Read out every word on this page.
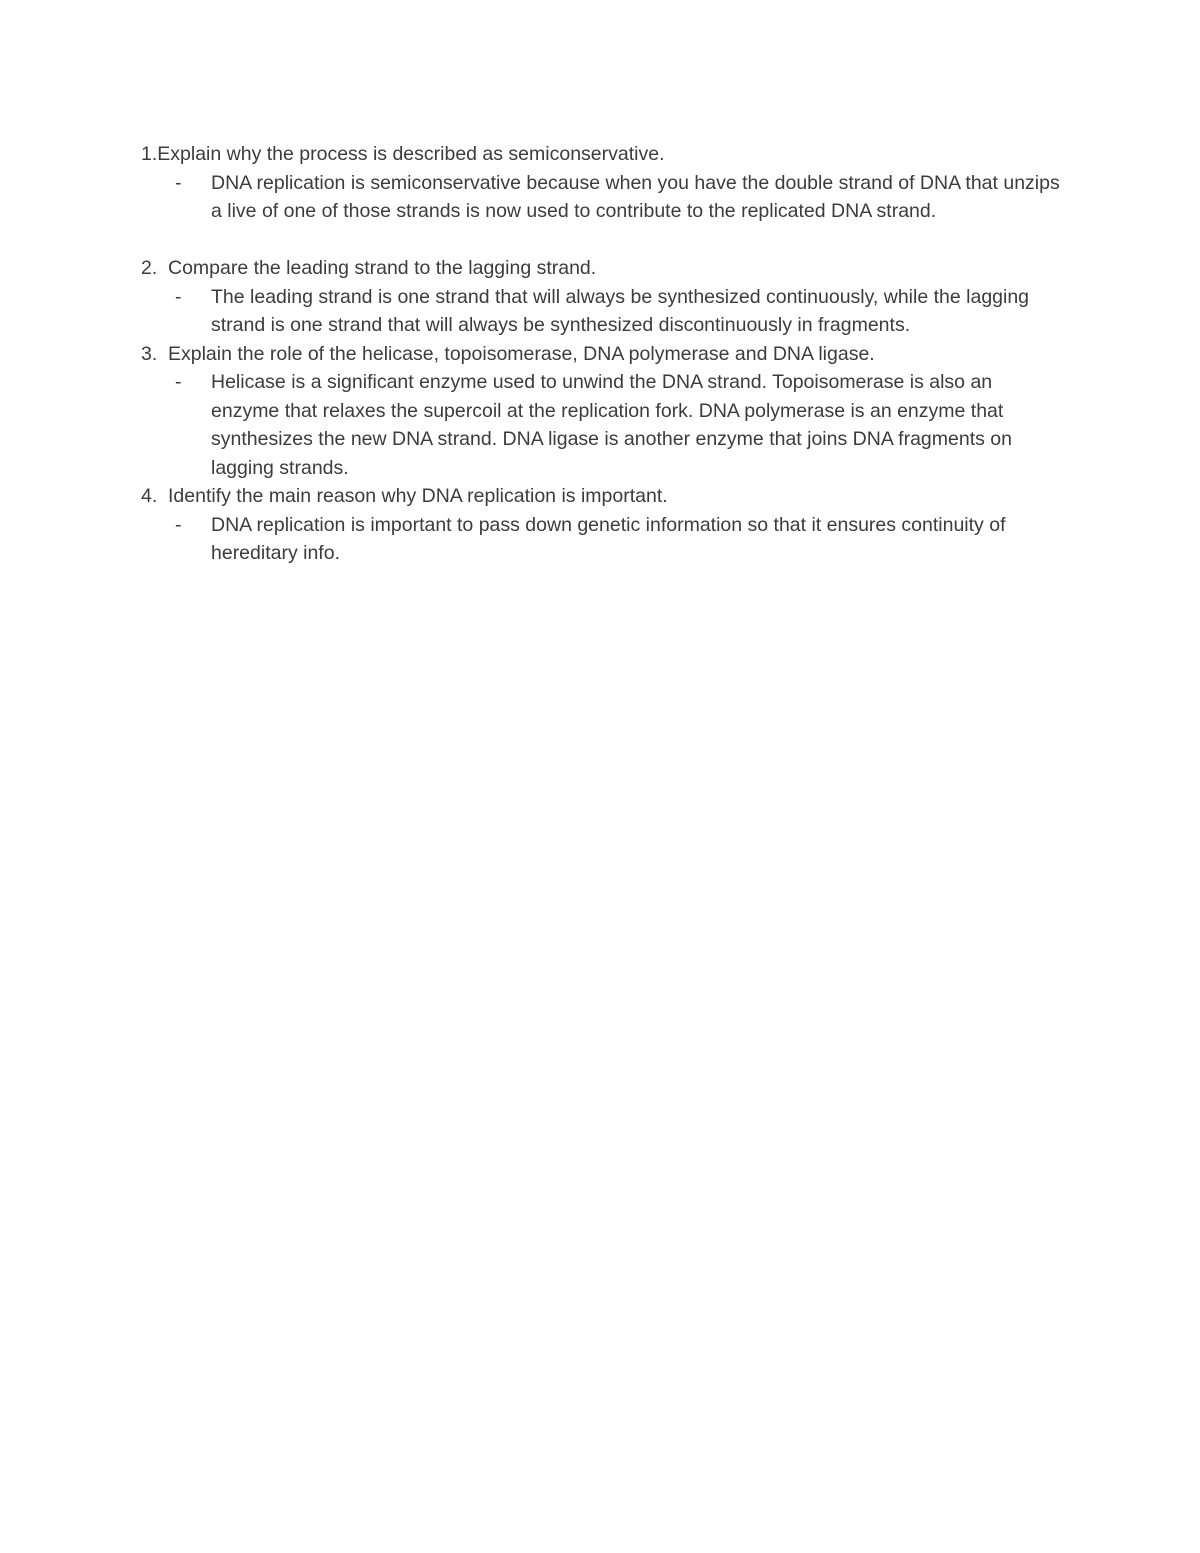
1.Explain why the process is described as semiconservative.
- DNA replication is semiconservative because when you have the double strand of DNA that unzips a live of one of those strands is now used to contribute to the replicated DNA strand.
2. Compare the leading strand to the lagging strand.
- The leading strand is one strand that will always be synthesized continuously, while the lagging strand is one strand that will always be synthesized discontinuously in fragments.
3. Explain the role of the helicase, topoisomerase, DNA polymerase and DNA ligase.
- Helicase is a significant enzyme used to unwind the DNA strand. Topoisomerase is also an enzyme that relaxes the supercoil at the replication fork. DNA polymerase is an enzyme that synthesizes the new DNA strand. DNA ligase is another enzyme that joins DNA fragments on lagging strands.
4. Identify the main reason why DNA replication is important.
- DNA replication is important to pass down genetic information so that it ensures continuity of hereditary info.
